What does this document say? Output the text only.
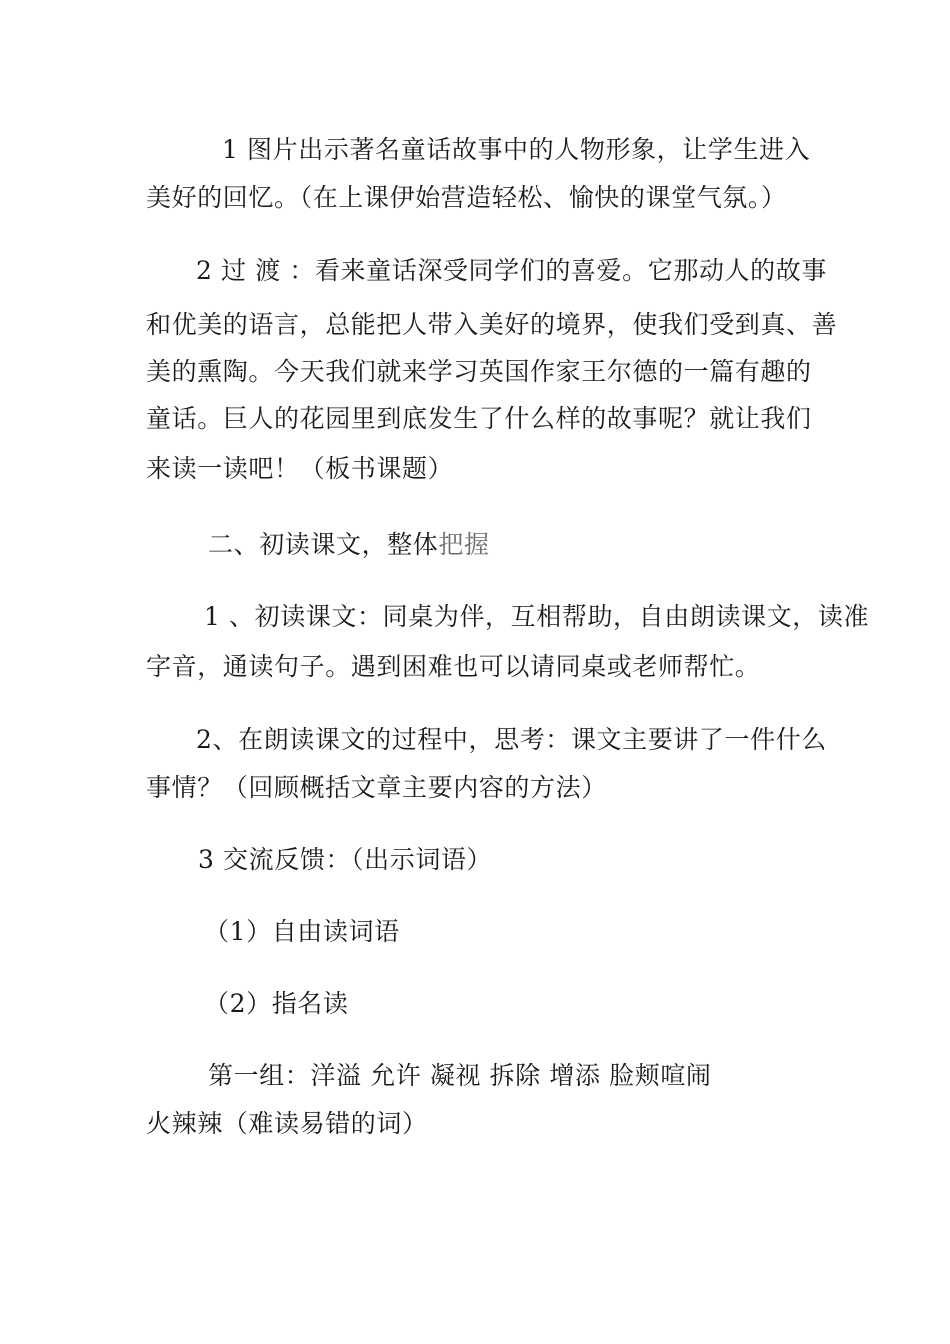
1 图片出示著名童话故事中的人物形象，让学生进入
美好的回忆。（在上课伊始营造轻松、愉快的课堂气氛。）
2 过 渡 ：看来童话深受同学们的喜爱。它那动人的故事
和优美的语言，总能把人带入美好的境界，使我们受到真、善
美的熏陶。今天我们就来学习英国作家王尔德的一篇有趣的
童话。巨人的花园里到底发生了什么样的故事呢？就让我们
来读一读吧！（板书课题）
二、初读课文，整体把握
1 、初读课文：同桌为伴，互相帮助，自由朗读课文，读准
字音，通读句子。遇到困难也可以请同桌或老师帮忙。
2、在朗读课文的过程中，思考：课文主要讲了一件什么
事情？（回顾概括文章主要内容的方法）
3 交流反馈：（出示词语）
（1）自由读词语
（2）指名读
第一组：洋溢 允许 凝视 拆除 增添 脸颊喧闹
火辣辣（难读易错的词）
